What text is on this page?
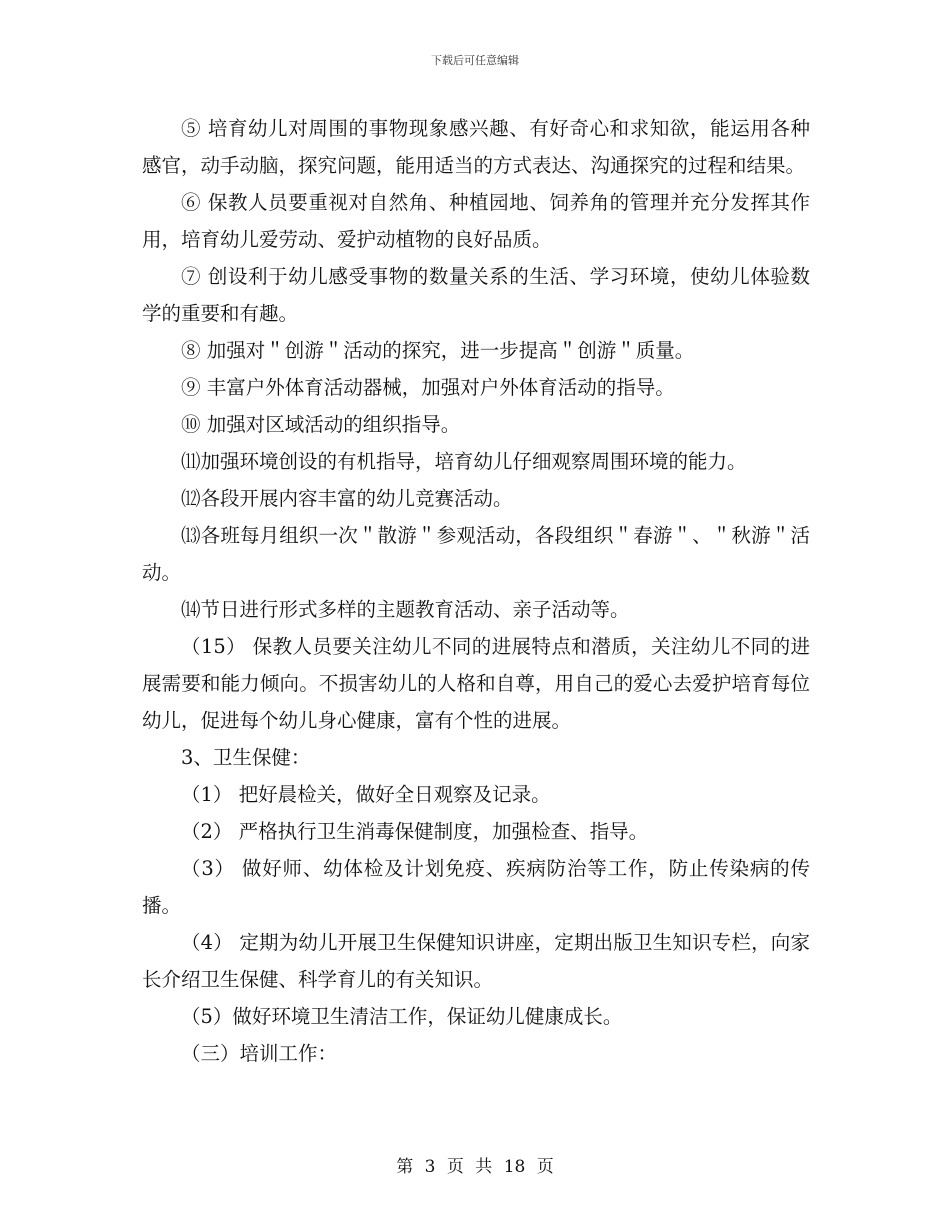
下载后可任意编辑

⑤ 培育幼儿对周围的事物现象感兴趣、有好奇心和求知欲，能运用各种感官，动手动脑，探究问题，能用适当的方式表达、沟通探究的过程和结果。

⑥ 保教人员要重视对自然角、种植园地、饲养角的管理并充分发挥其作用，培育幼儿爱劳动、爱护动植物的良好品质。

⑦ 创设利于幼儿感受事物的数量关系的生活、学习环境，使幼儿体验数学的重要和有趣。

⑧ 加强对＂创游＂活动的探究，进一步提高＂创游＂质量。

⑨ 丰富户外体育活动器械，加强对户外体育活动的指导。

⑩ 加强对区域活动的组织指导。

⑾加强环境创设的有机指导，培育幼儿仔细观察周围环境的能力。

⑿各段开展内容丰富的幼儿竞赛活动。

⒀各班每月组织一次＂散游＂参观活动，各段组织＂春游＂、＂秋游＂活动。

⒁节日进行形式多样的主题教育活动、亲子活动等。

（15） 保教人员要关注幼儿不同的进展特点和潜质，关注幼儿不同的进展需要和能力倾向。不损害幼儿的人格和自尊，用自己的爱心去爱护培育每位幼儿，促进每个幼儿身心健康，富有个性的进展。

3、卫生保健：

（1） 把好晨检关，做好全日观察及记录。

（2） 严格执行卫生消毒保健制度，加强检查、指导。

（3） 做好师、幼体检及计划免疫、疾病防治等工作，防止传染病的传播。

（4） 定期为幼儿开展卫生保健知识讲座，定期出版卫生知识专栏，向家长介绍卫生保健、科学育儿的有关知识。

（5）做好环境卫生清洁工作，保证幼儿健康成长。

（三）培训工作：

第 3 页 共 18 页
